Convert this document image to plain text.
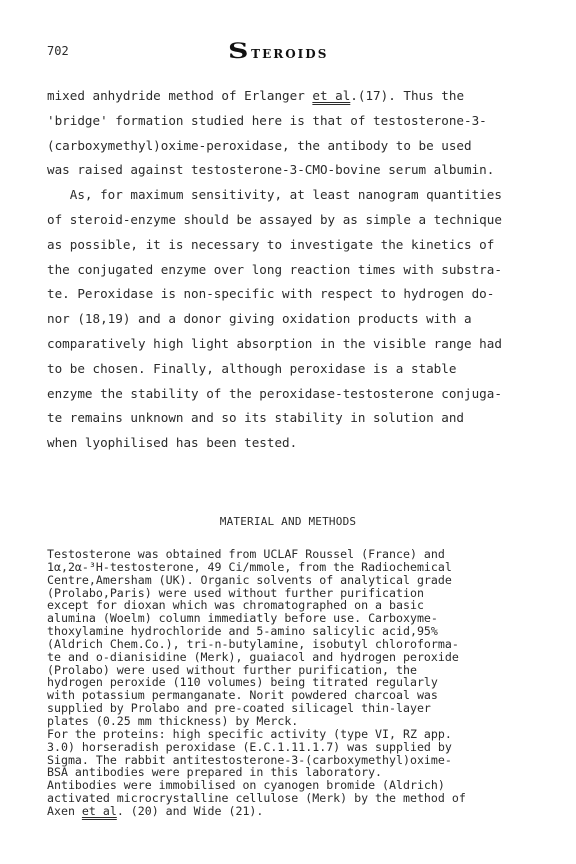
702	STEROIDS

mixed anhydride method of Erlanger et al.(17). Thus the

'bridge' formation studied here is that of testosterone-3-

(carboxymethyl)oxime-peroxidase, the antibody to be used

was raised against testosterone-3-CMO-bovine serum albumin.

As, for maximum sensitivity, at least nanogram quantities

of steroid-enzyme should be assayed by as simple a technique

as possible, it is necessary to investigate the kinetics of

the conjugated enzyme over long reaction times with substra-

te. Peroxidase is non-specific with respect to hydrogen do-

nor (18,19) and a donor giving oxidation products with a

comparatively high light absorption in the visible range had

to be chosen. Finally, although peroxidase is a stable

enzyme the stability of the peroxidase-testosterone conjuga-

te remains unknown and so its stability in solution and

when lyophilised has been tested.

MATERIAL AND METHODS

Testosterone was obtained from UCLAF Roussel (France) and

1α,2α-³H-testosterone, 49 Ci/mmole, from the Radiochemical

Centre,Amersham (UK). Organic solvents of analytical grade

(Prolabo,Paris) were used without further purification

except for dioxan which was chromatographed on a basic

alumina (Woelm) column immediatly before use. Carboxyme-

thoxylamine hydrochloride and 5-amino salicylic acid,95%

(Aldrich Chem.Co.), tri-n-butylamine, isobutyl chloroforma-

te and o-dianisidine (Merk), guaiacol and hydrogen peroxide

(Prolabo) were used without further purification, the

hydrogen peroxide (110 volumes) being titrated regularly

with potassium permanganate. Norit powdered charcoal was

supplied by Prolabo and pre-coated silicagel thin-layer

plates (0.25 mm thickness) by Merck.

For the proteins: high specific activity (type VI, RZ app.

3.0) horseradish peroxidase (E.C.1.11.1.7) was supplied by

Sigma. The rabbit antitestosterone-3-(carboxymethyl)oxime-

BSA antibodies were prepared in this laboratory.

Antibodies were immobilised on cyanogen bromide (Aldrich)

activated microcrystalline cellulose (Merk) by the method of

Axen et al. (20) and Wide (21).
